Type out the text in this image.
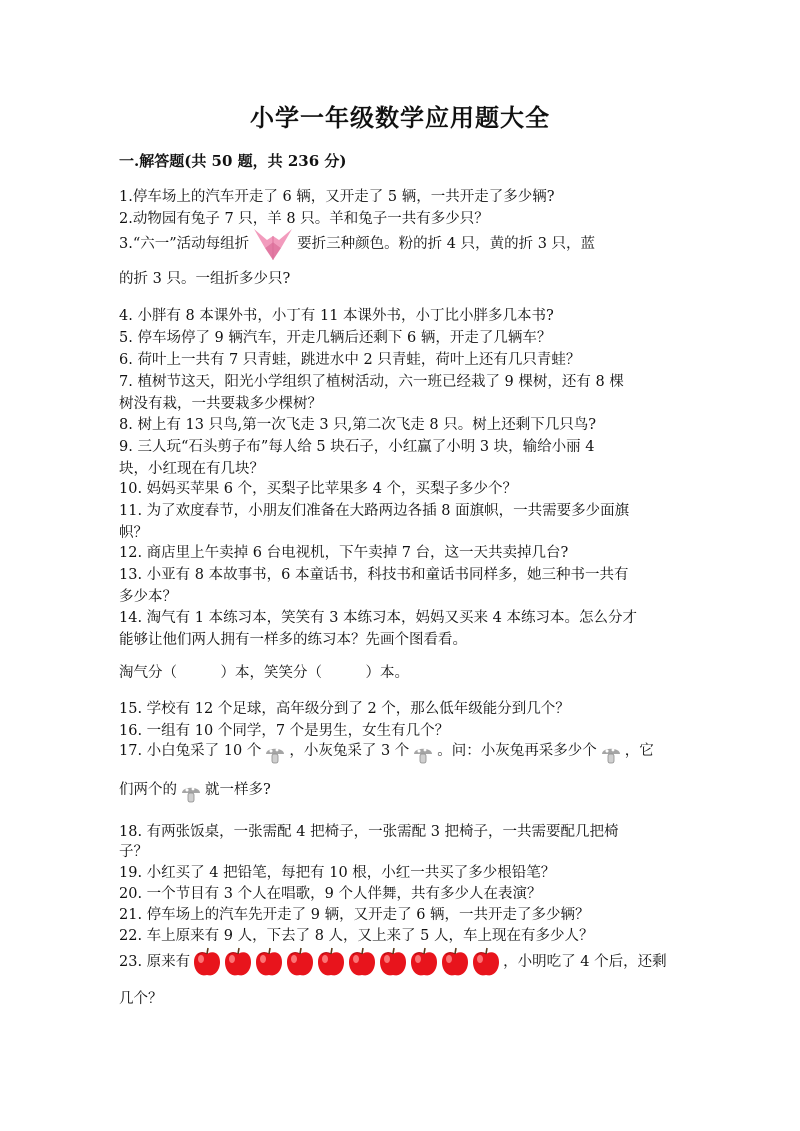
小学一年级数学应用题大全
一.解答题(共 50 题，共 236 分)
1.停车场上的汽车开走了 6 辆，又开走了 5 辆，一共开走了多少辆?
2.动物园有兔子 7 只，羊 8 只。羊和兔子一共有多少只？
3.“六一”活动每组折	要折三种颜色。粉的折 4 只，黄的折 3 只，蓝
的折 3 只。一组折多少只?
4. 小胖有 8 本课外书，小丁有 11 本课外书，小丁比小胖多几本书?
5. 停车场停了 9 辆汽车，开走几辆后还剩下 6 辆，开走了几辆车？
6. 荷叶上一共有 7 只青蛙，跳进水中 2 只青蛙，荷叶上还有几只青蛙？
7. 植树节这天，阳光小学组织了植树活动，六一班已经栽了 9 棵树，还有 8 棵
树没有栽，一共要栽多少棵树？
8. 树上有 13 只鸟,第一次飞走 3 只,第二次飞走 8 只。树上还剩下几只鸟?
9. 三人玩“石头剪子布”每人给 5 块石子，小红赢了小明 3 块，输给小丽 4
块，小红现在有几块？
10. 妈妈买苹果 6 个，买梨子比苹果多 4 个，买梨子多少个？
11. 为了欢度春节，小朋友们准备在大路两边各插 8 面旗帜，一共需要多少面旗
帜？
12. 商店里上午卖掉 6 台电视机，下午卖掉 7 台，这一天共卖掉几台?
13. 小亚有 8 本故事书，6 本童话书，科技书和童话书同样多，她三种书一共有
多少本？
14. 淘气有 1 本练习本，笑笑有 3 本练习本，妈妈又买来 4 本练习本。怎么分才
能够让他们两人拥有一样多的练习本？先画个图看看。
淘气分（　　　）本，笑笑分（　　　）本。
15. 学校有 12 个足球，高年级分到了 2 个，那么低年级能分到几个？
16. 一组有 10 个同学，7 个是男生，女生有几个？
17. 小白兔采了 10 个 ，小灰兔采了 3 个 。问：小灰兔再采多少个 ，它
们两个的 就一样多?
18. 有两张饭桌，一张需配 4 把椅子，一张需配 3 把椅子，一共需要配几把椅
子？
19. 小红买了 4 把铅笔，每把有 10 根，小红一共买了多少根铅笔？
20. 一个节目有 3 个人在唱歌，9 个人伴舞，共有多少人在表演？
21. 停车场上的汽车先开走了 9 辆，又开走了 6 辆，一共开走了多少辆？
22. 车上原来有 9 人，下去了 8 人，又上来了 5 人，车上现在有多少人？
23. 原来有	，小明吃了 4 个后，还剩
几个？
